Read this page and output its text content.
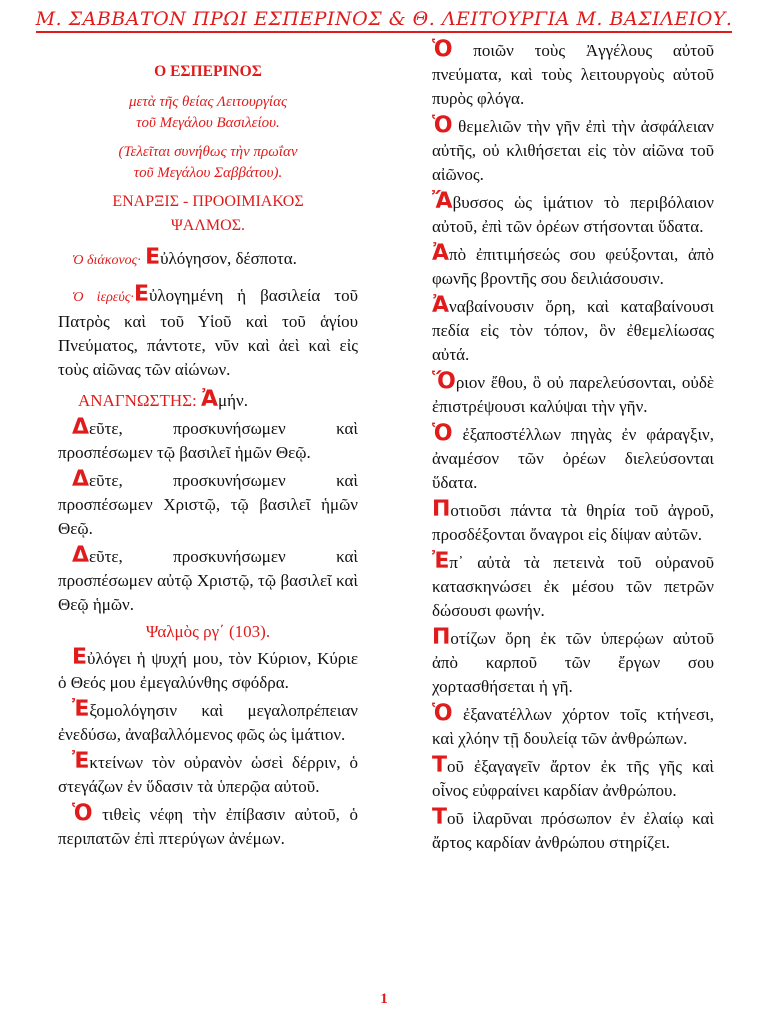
Μ. ΣΑΒΒΑΤΟΝ ΠΡΩΙ ΕΣΠΕΡΙΝΟΣ & Θ. ΛΕΙΤΟΥΡΓΙΑ Μ. ΒΑΣΙΛΕΙΟΥ.
Ο ΕΣΠΕΡΙΝΟΣ
μετὰ τῆς θείας Λειτουργίας
τοῦ Μεγάλου Βασιλείου.
(Τελεῖται συνήθως τὴν πρωΐαν
τοῦ Μεγάλου Σαββάτου).
ΕΝΑΡΞΙΣ - ΠΡΟΟΙΜΙΑΚΟΣ
ΨΑΛΜΟΣ.

Ὁ διάκονος· Εὐλόγησον, δέσποτα.

Ὁ ἱερεύς·Εὐλογημένη ἡ βασιλεία τοῦ Πατρὸς καὶ τοῦ Υἱοῦ καὶ τοῦ ἁγίου Πνεύματος, πάντοτε, νῦν καὶ ἀεὶ καὶ εἰς τοὺς αἰῶνας τῶν αἰώνων.

ΑΝΑΓΝΩΣΤΗΣ: Ἀμήν.

Δεῦτε, προσκυνήσωμεν καὶ προσπέσωμεν τῷ βασιλεῖ ἡμῶν Θεῷ.

Δεῦτε, προσκυνήσωμεν καὶ προσπέσωμεν Χριστῷ, τῷ βασιλεῖ ἡμῶν Θεῷ.

Δεῦτε, προσκυνήσωμεν καὶ προσπέσωμεν αὐτῷ Χριστῷ, τῷ βασιλεῖ καὶ Θεῷ ἡμῶν.

Ψαλμὸς ργ΄ (103).

Εὐλόγει ἡ ψυχή μου, τὸν Κύριον, Κύριε ὁ Θεός μου ἐμεγαλύνθης σφόδρα.

Ἐξομολόγησιν καὶ μεγαλοπρέπειαν ἐνεδύσω, ἀναβαλλόμενος φῶς ὡς ἱμάτιον.

Ἐκτείνων τὸν οὐρανὸν ὡσεὶ δέρριν, ὁ στεγάζων ἐν ὕδασιν τὰ ὑπερῷα αὐτοῦ.

Ὁ τιθεὶς νέφη τὴν ἐπίβασιν αὐτοῦ, ὁ περιπατῶν ἐπὶ πτερύγων ἀνέμων.

Ὁ ποιῶν τοὺς Ἀγγέλους αὐτοῦ πνεύματα, καὶ τοὺς λειτουργοὺς αὐτοῦ πυρὸς φλόγα.

Ὁ θεμελιῶν τὴν γῆν ἐπὶ τὴν ἀσφάλειαν αὐτῆς, οὐ κλιθήσεται εἰς τὸν αἰῶνα τοῦ αἰῶνος.

Ἄβυσσος ὡς ἱμάτιον τὸ περιβόλαιον αὐτοῦ, ἐπὶ τῶν ὀρέων στήσονται ὕδατα.

Ἀπὸ ἐπιτιμήσεώς σου φεύξονται, ἀπὸ φωνῆς βροντῆς σου δειλιάσουσιν.

Ἀναβαίνουσιν ὄρη, καὶ καταβαίνουσι πεδία εἰς τὸν τόπον, ὃν ἐθεμελίωσας αὐτά.

Ὅριον ἔθου, ὃ οὐ παρελεύσονται, οὐδὲ ἐπιστρέψουσι καλύψαι τὴν γῆν.

Ὁ ἐξαποστέλλων πηγὰς ἐν φάραγξιν, ἀναμέσον τῶν ὀρέων διελεύσονται ὕδατα.

Ποτιοῦσι πάντα τὰ θηρία τοῦ ἀγροῦ, προσδέξονται ὄναγροι εἰς δίψαν αὐτῶν.

Ἐπ᾿ αὐτὰ τὰ πετεινὰ τοῦ οὐρανοῦ κατασκηνώσει ἐκ μέσου τῶν πετρῶν δώσουσι φωνήν.

Ποτίζων ὄρη ἐκ τῶν ὑπερῴων αὐτοῦ ἀπὸ καρποῦ τῶν ἔργων σου χορτασθήσεται ἡ γῆ.

Ὁ ἐξανατέλλων χόρτον τοῖς κτήνεσι, καὶ χλόην τῇ δουλείᾳ τῶν ἀνθρώπων.

Τοῦ ἐξαγαγεῖν ἄρτον ἐκ τῆς γῆς καὶ οἶνος εὐφραίνει καρδίαν ἀνθρώπου.

Τοῦ ἱλαρῦναι πρόσωπον ἐν ἐλαίῳ καὶ ἄρτος καρδίαν ἀνθρώπου στηρίζει.

1
